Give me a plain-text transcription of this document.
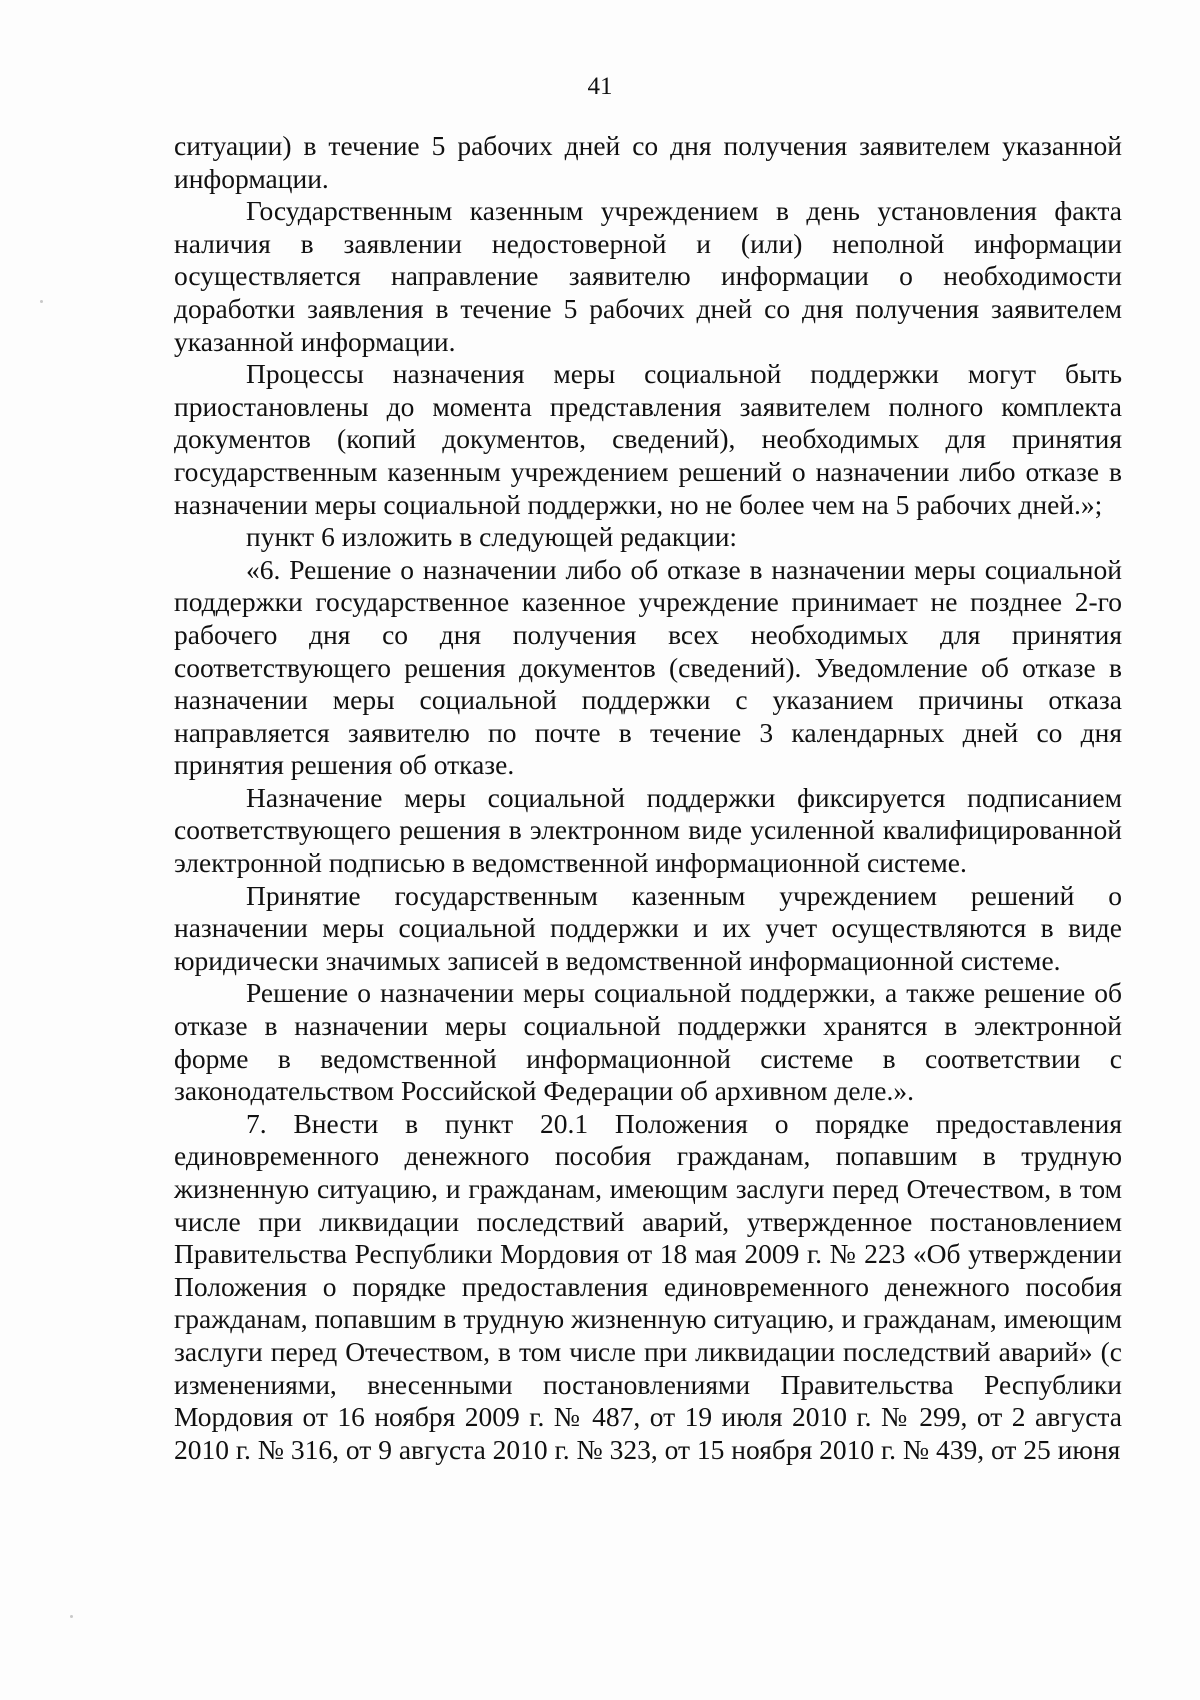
41

ситуации) в течение 5 рабочих дней со дня получения заявителем указанной информации.

Государственным казенным учреждением в день установления факта наличия в заявлении недостоверной и (или) неполной информации осуществляется направление заявителю информации о необходимости доработки заявления в течение 5 рабочих дней со дня получения заявителем указанной информации.

Процессы назначения меры социальной поддержки могут быть приостановлены до момента представления заявителем полного комплекта документов (копий документов, сведений), необходимых для принятия государственным казенным учреждением решений о назначении либо отказе в назначении меры социальной поддержки, но не более чем на 5 рабочих дней.»;

пункт 6 изложить в следующей редакции:

«6. Решение о назначении либо об отказе в назначении меры социальной поддержки государственное казенное учреждение принимает не позднее 2-го рабочего дня со дня получения всех необходимых для принятия соответствующего решения документов (сведений). Уведомление об отказе в назначении меры социальной поддержки с указанием причины отказа направляется заявителю по почте в течение 3 календарных дней со дня принятия решения об отказе.

Назначение меры социальной поддержки фиксируется подписанием соответствующего решения в электронном виде усиленной квалифицированной электронной подписью в ведомственной информационной системе.

Принятие государственным казенным учреждением решений о назначении меры социальной поддержки и их учет осуществляются в виде юридически значимых записей в ведомственной информационной системе.

Решение о назначении меры социальной поддержки, а также решение об отказе в назначении меры социальной поддержки хранятся в электронной форме в ведомственной информационной системе в соответствии с законодательством Российской Федерации об архивном деле.».

7. Внести в пункт 20.1 Положения о порядке предоставления единовременного денежного пособия гражданам, попавшим в трудную жизненную ситуацию, и гражданам, имеющим заслуги перед Отечеством, в том числе при ликвидации последствий аварий, утвержденное постановлением Правительства Республики Мордовия от 18 мая 2009 г. № 223 «Об утверждении Положения о порядке предоставления единовременного денежного пособия гражданам, попавшим в трудную жизненную ситуацию, и гражданам, имеющим заслуги перед Отечеством, в том числе при ликвидации последствий аварий» (с изменениями, внесенными постановлениями Правительства Республики Мордовия от 16 ноября 2009 г. № 487, от 19 июля 2010 г. № 299, от 2 августа 2010 г. № 316, от 9 августа 2010 г. № 323, от 15 ноября 2010 г. № 439, от 25 июня
